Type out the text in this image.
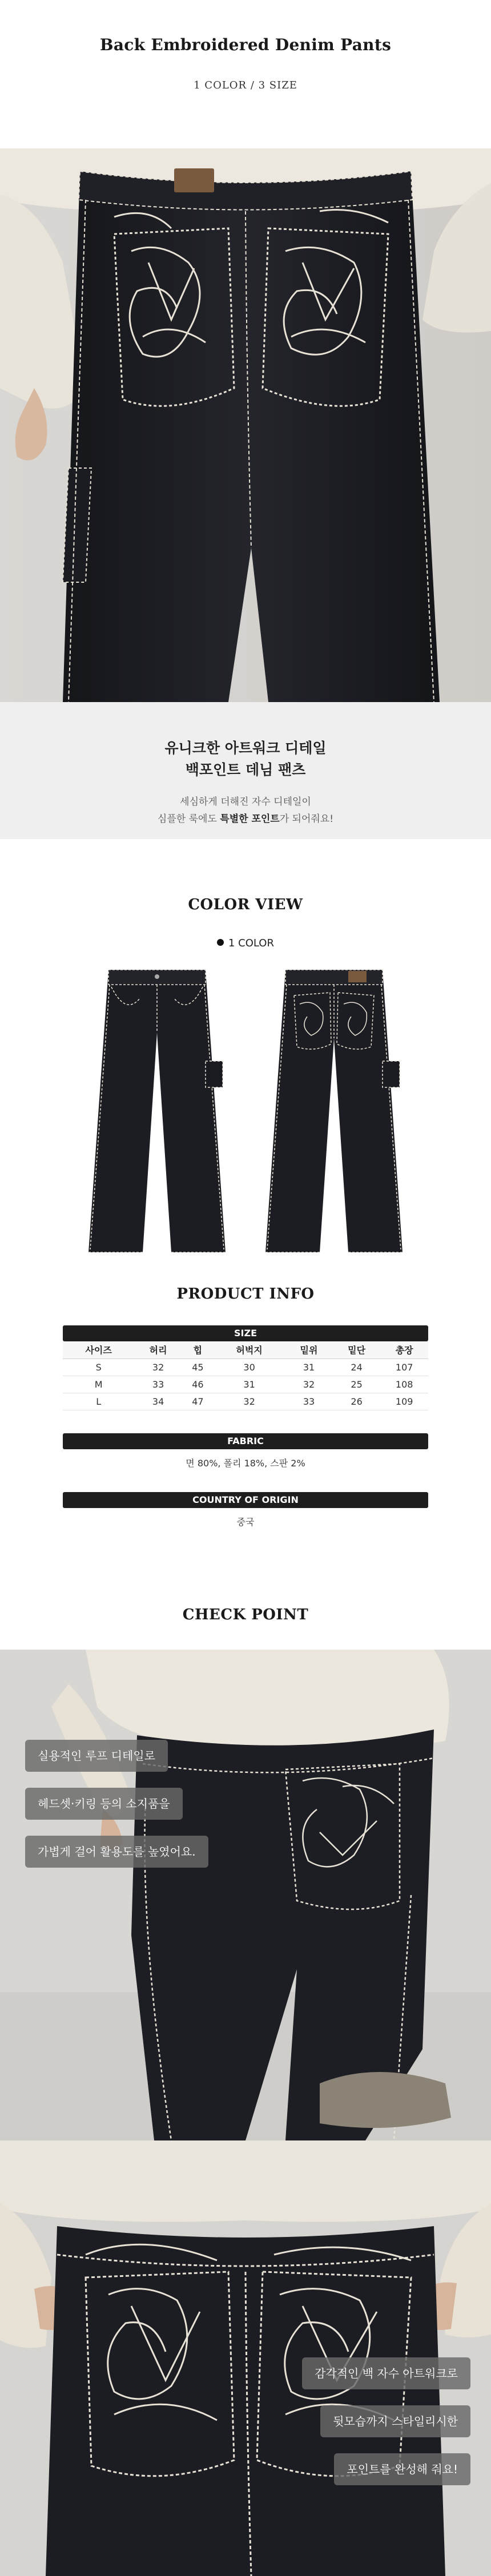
Back Embroidered Denim Pants
1 COLOR / 3 SIZE
유니크한 아트워크 디테일
백포인트 데님 팬츠
세심하게 더해진 자수 디테일이
심플한 룩에도 특별한 포인트가 되어줘요!
COLOR VIEW
1 COLOR
PRODUCT INFO
SIZE
사이즈	허리	힙	허벅지	밑위	밑단	총장
S	32	45	30	31	24	107
M	33	46	31	32	25	108
L	34	47	32	33	26	109
FABRIC
면 80%, 폴리 18%, 스판 2%
COUNTRY OF ORIGIN
중국
CHECK POINT
실용적인 루프 디테일로
헤드셋·키링 등의 소지품을
가볍게 걸어 활용도를 높였어요.
감각적인 백 자수 아트워크로
뒷모습까지 스타일리시한
포인트를 완성해 줘요!
